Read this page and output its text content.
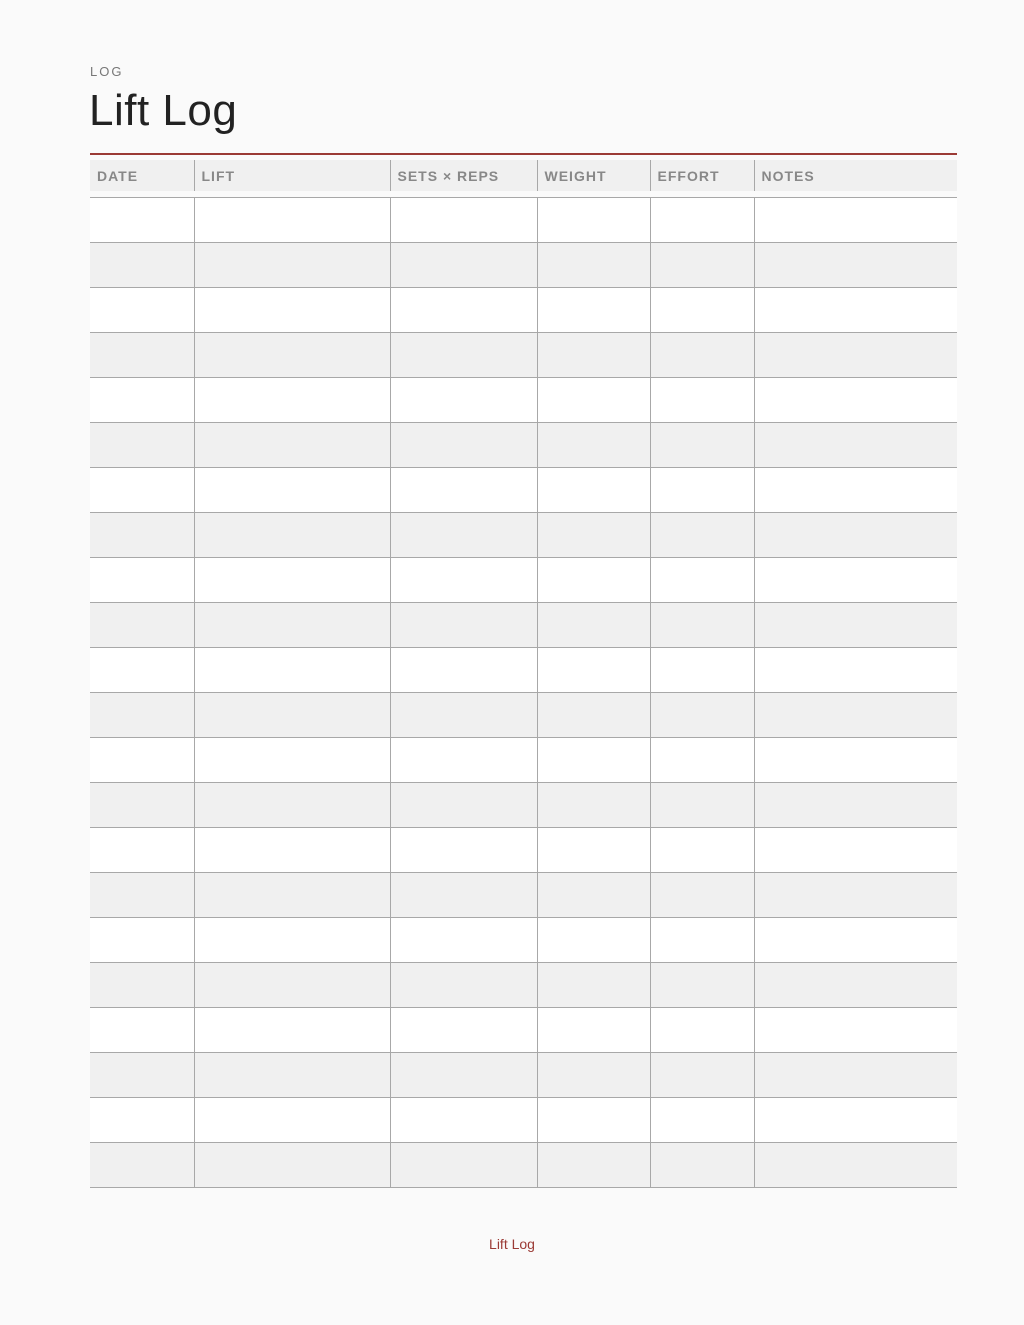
LOG
Lift Log
DATE	LIFT	SETS × REPS	WEIGHT	EFFORT	NOTES

Lift Log
